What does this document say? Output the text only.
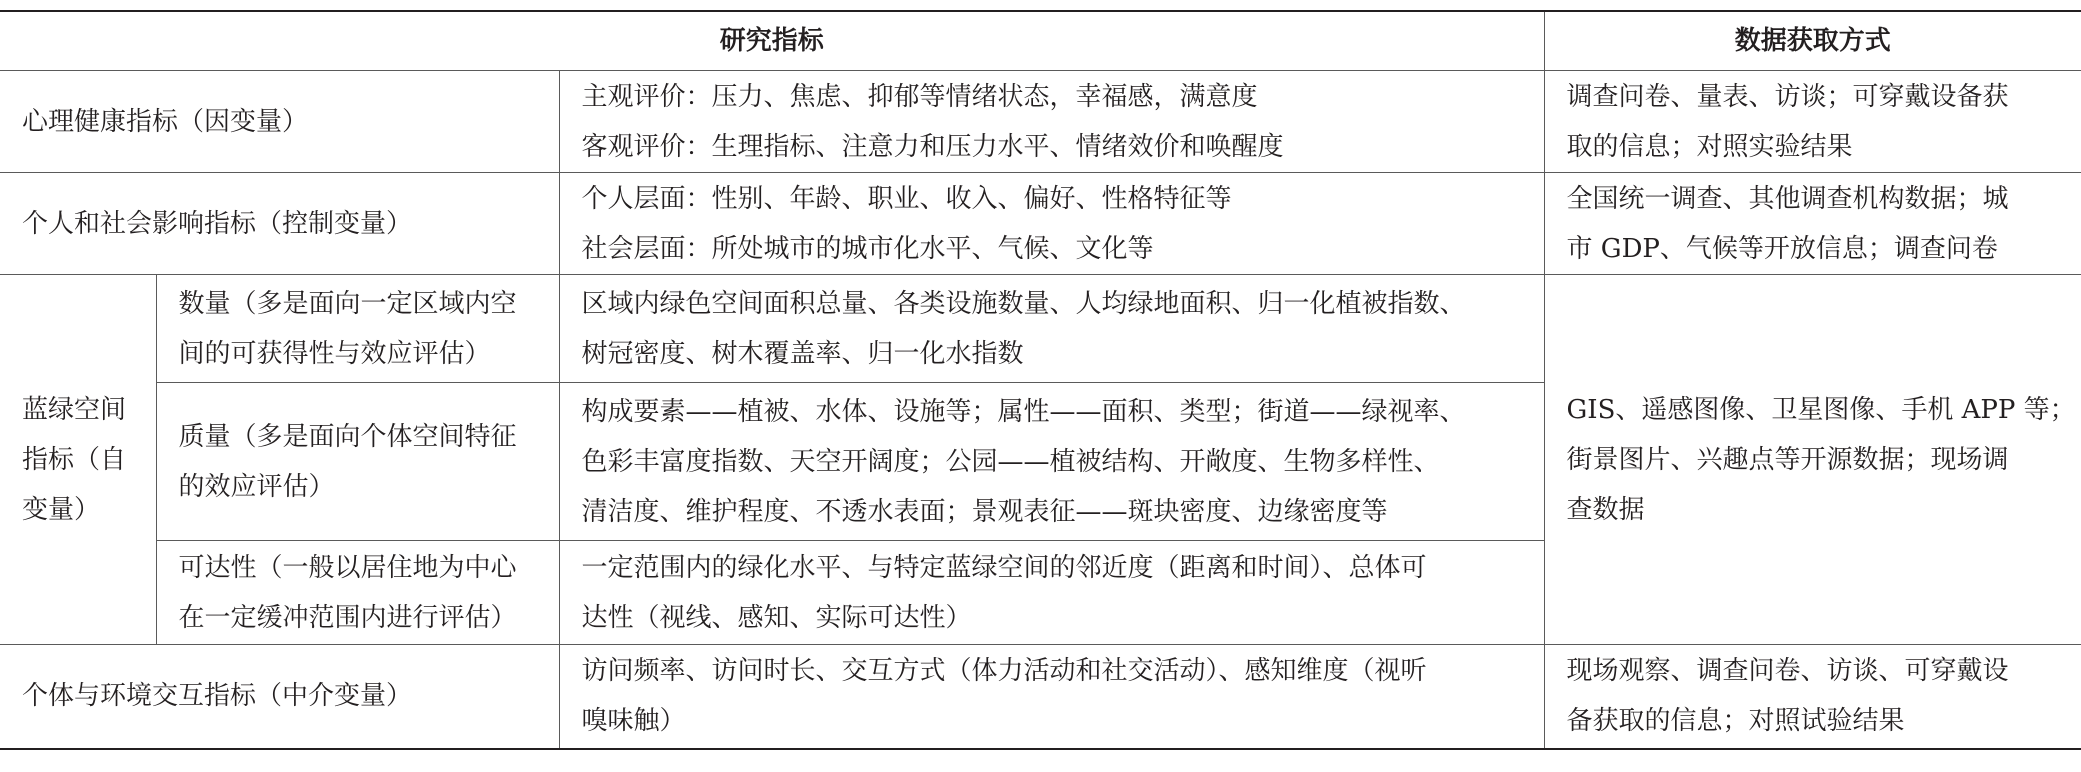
研究指标			数据获取方式
心理健康指标（因变量）		主观评价：压力、焦虑、抑郁等情绪状态，幸福感，满意度
客观评价：生理指标、注意力和压力水平、情绪效价和唤醒度	调查问卷、量表、访谈；可穿戴设备获
取的信息；对照实验结果

个人和社会影响指标（控制变量）		个人层面：性别、年龄、职业、收入、偏好、性格特征等
社会层面：所处城市的城市化水平、气候、文化等	全国统一调查、其他调查机构数据；城
市 GDP、气候等开放信息；调查问卷

蓝绿空间
指标（自
变量）	数量（多是面向一定区域内空
间的可获得性与效应评估）	区域内绿色空间面积总量、各类设施数量、人均绿地面积、归一化植被指数、
树冠密度、树木覆盖率、归一化水指数	GIS、遥感图像、卫星图像、手机 APP 等；
街景图片、兴趣点等开源数据；现场调
查数据

	质量（多是面向个体空间特征
的效应评估）	构成要素——植被、水体、设施等；属性——面积、类型；街道——绿视率、
色彩丰富度指数、天空开阔度；公园——植被结构、开敞度、生物多样性、
清洁度、维护程度、不透水表面；景观表征——斑块密度、边缘密度等	

	可达性（一般以居住地为中心
在一定缓冲范围内进行评估）	一定范围内的绿化水平、与特定蓝绿空间的邻近度（距离和时间）、总体可
达性（视线、感知、实际可达性）	

个体与环境交互指标（中介变量）		访问频率、访问时长、交互方式（体力活动和社交活动）、感知维度（视听
嗅味触）	现场观察、调查问卷、访谈、可穿戴设
备获取的信息；对照试验结果
